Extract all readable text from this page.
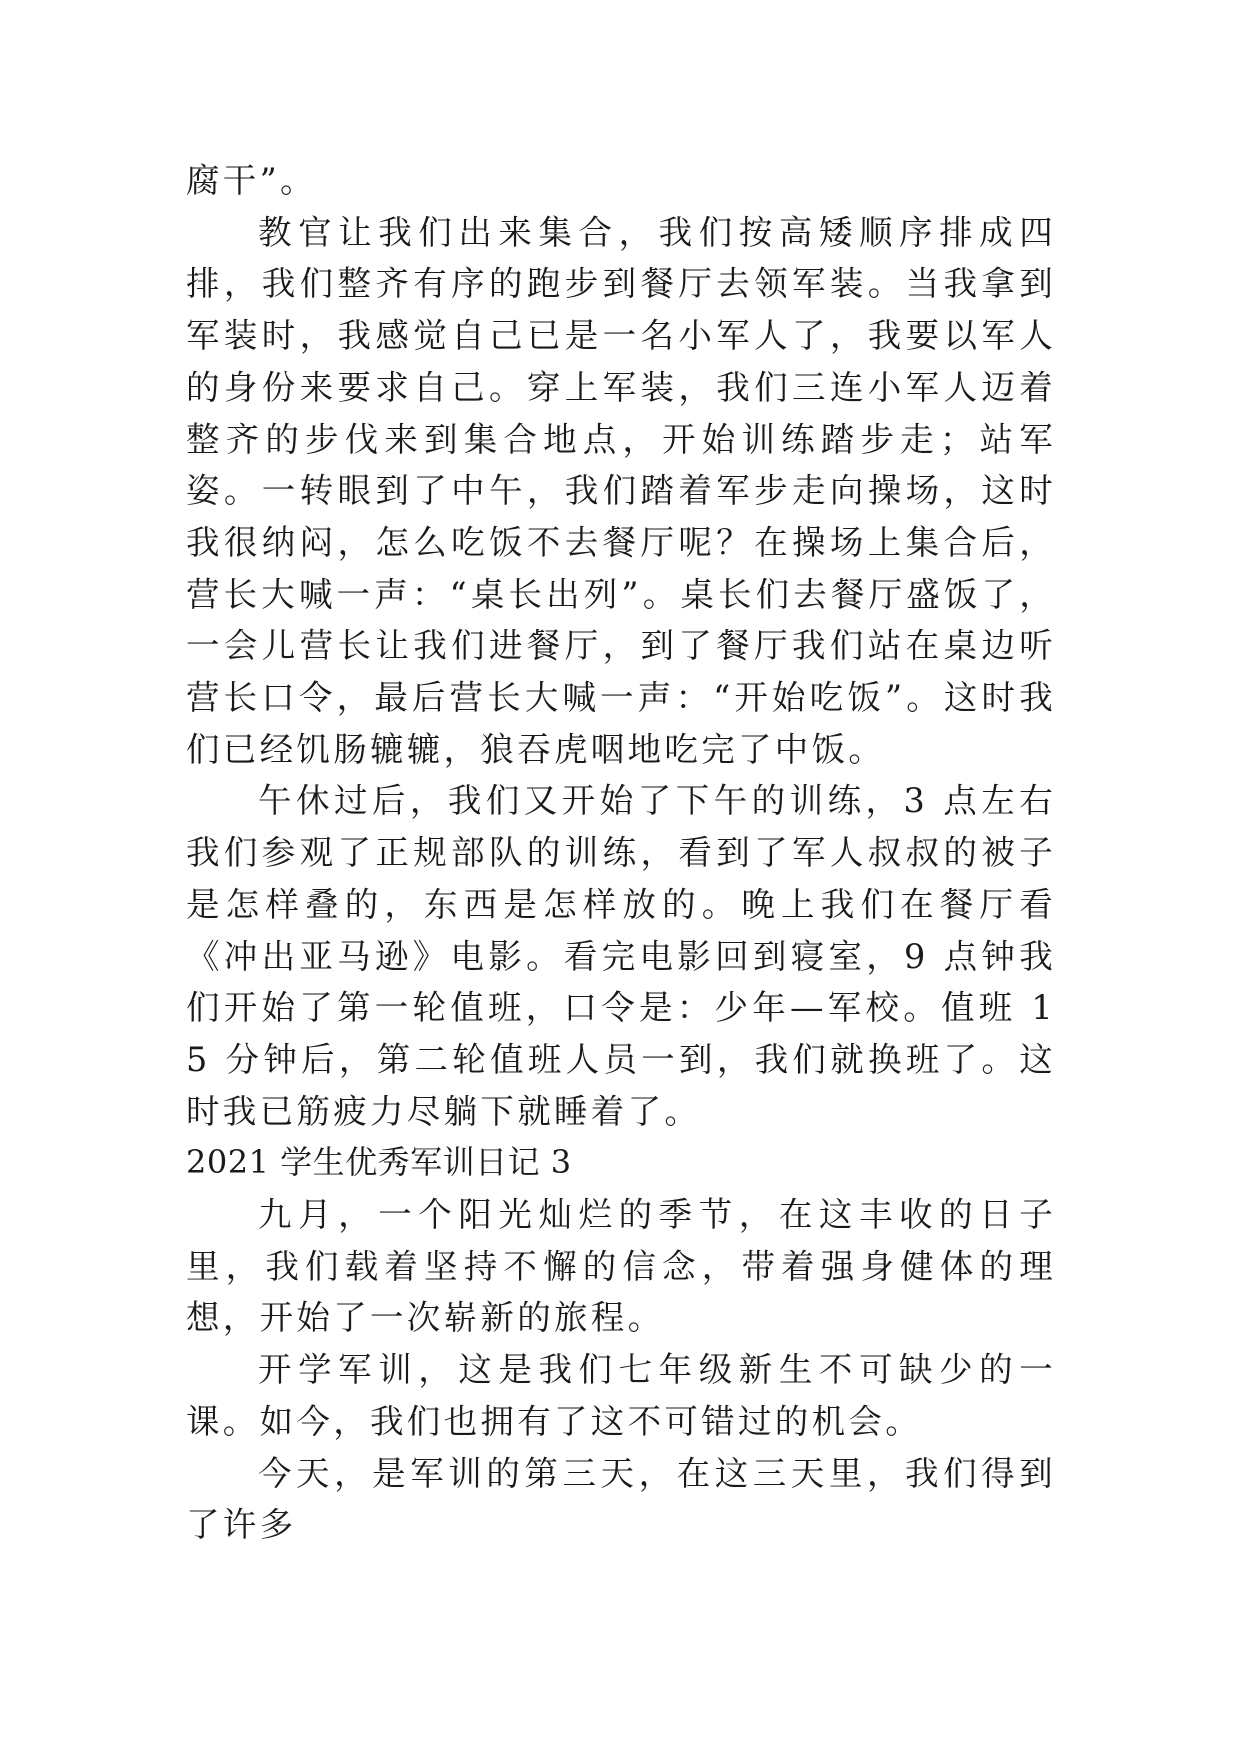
腐干”。

教官让我们出来集合，我们按高矮顺序排成四排，我们整齐有序的跑步到餐厅去领军装。当我拿到军装时，我感觉自己已是一名小军人了，我要以军人的身份来要求自己。穿上军装，我们三连小军人迈着整齐的步伐来到集合地点，开始训练踏步走；站军姿。一转眼到了中午，我们踏着军步走向操场，这时我很纳闷，怎么吃饭不去餐厅呢？在操场上集合后，营长大喊一声：“桌长出列”。桌长们去餐厅盛饭了，一会儿营长让我们进餐厅，到了餐厅我们站在桌边听营长口令，最后营长大喊一声：“开始吃饭”。这时我们已经饥肠辘辘，狼吞虎咽地吃完了中饭。

午休过后，我们又开始了下午的训练，3 点左右我们参观了正规部队的训练，看到了军人叔叔的被子是怎样叠的，东西是怎样放的。晚上我们在餐厅看《冲出亚马逊》电影。看完电影回到寝室，9 点钟我们开始了第一轮值班，口令是：少年—军校。值班 15 分钟后，第二轮值班人员一到，我们就换班了。这时我已筋疲力尽躺下就睡着了。

2021 学生优秀军训日记 3

九月，一个阳光灿烂的季节，在这丰收的日子里，我们载着坚持不懈的信念，带着强身健体的理想，开始了一次崭新的旅程。

开学军训，这是我们七年级新生不可缺少的一课。如今，我们也拥有了这不可错过的机会。

今天，是军训的第三天，在这三天里，我们得到了许多
